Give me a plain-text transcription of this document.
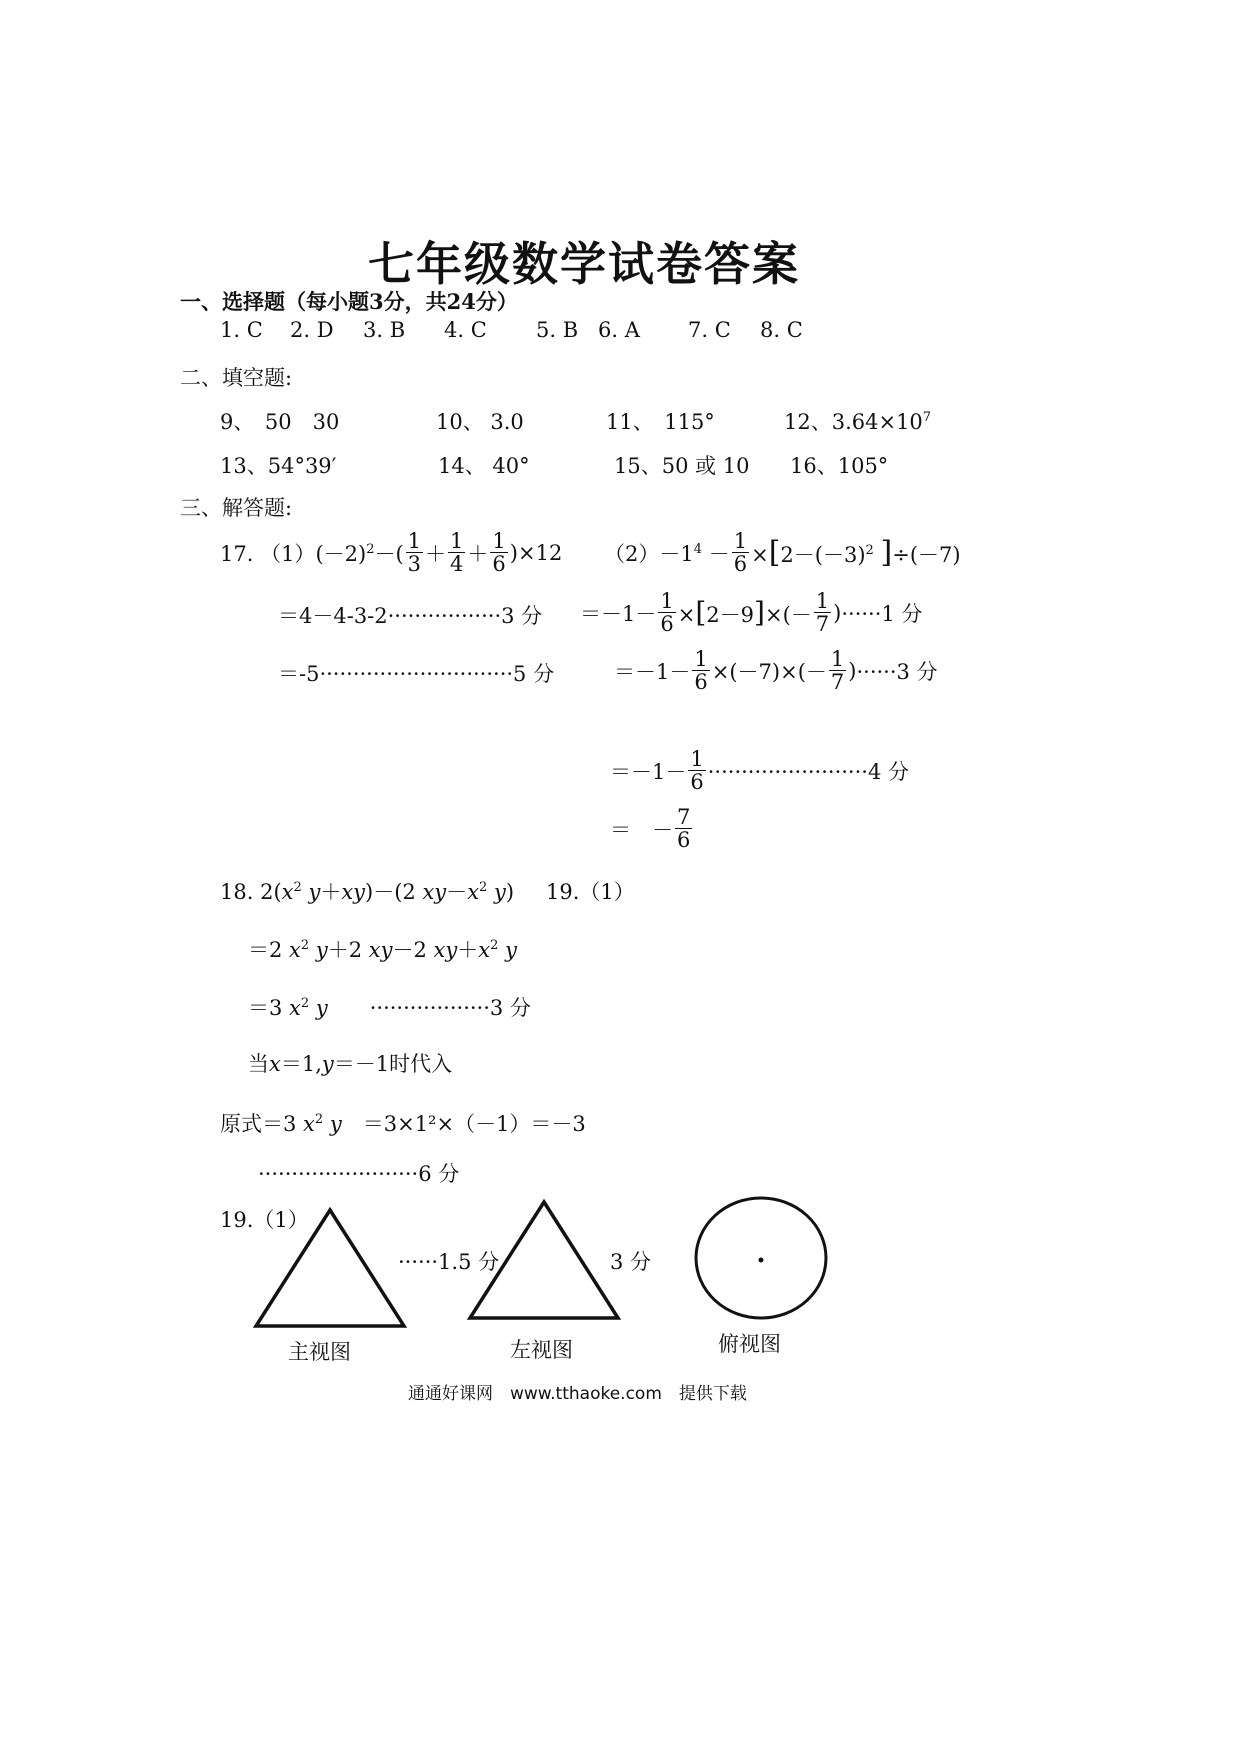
七年级数学试卷答案
一、选择题（每小题3分，共24分）
1. C 2. D 3. B 4. C 5. B 6. A 7. C 8. C
二、填空题:
9、　50　30	10、 3.0	11、　115°	12、$3.64\times 10^7$
13、54°39′	14、 40°	15、50 或 10 16、105°
三、解答题:
17. （1） $(-2)^2-( \frac{1}{3} + \frac{1}{4} + \frac{1}{6} )\times 12$
＝4－4-3-2·················3 分
＝-5·····························5 分
$(2) -1^4 - \frac{1}{6} \times[2-(-3)^2$ ]÷(－7)
$=-1- \frac{1}{6} \times[2-9]\times(- \frac{1}{7}$ ) ······1 分
$=-1- \frac{1}{6} \times(-7)\times(- \frac{1}{7}$ ) ······3 分
$=-1- \frac{1}{6} \cdot\cdot\cdot\cdot\cdot\cdot\cdot\cdot\cdot\cdot\cdot\cdot\cdot\cdot\cdot\cdot\cdot\cdot\cdot\cdot\cdot\cdot\cdot\cdot 4$ 分
＝　－ $\frac{7}{6}$
18. $2(x^2$ y＋xy)－(2 $xy-x^2$ y) 19.（1）
＝2 $x^2$ y＋2 xy－2 $xy+x^2$ y
＝3 $x^2$ y　　 ··················3 分
当x＝1,y＝－1时代入
原式＝3 $x^2$ y　 ＝3×1²×（－1）＝－3
························6 分
19.（1）
······1.5 分	3 分
主视图	左视图	俯视图
通通好课网　www.tthaoke.com　提供下载
